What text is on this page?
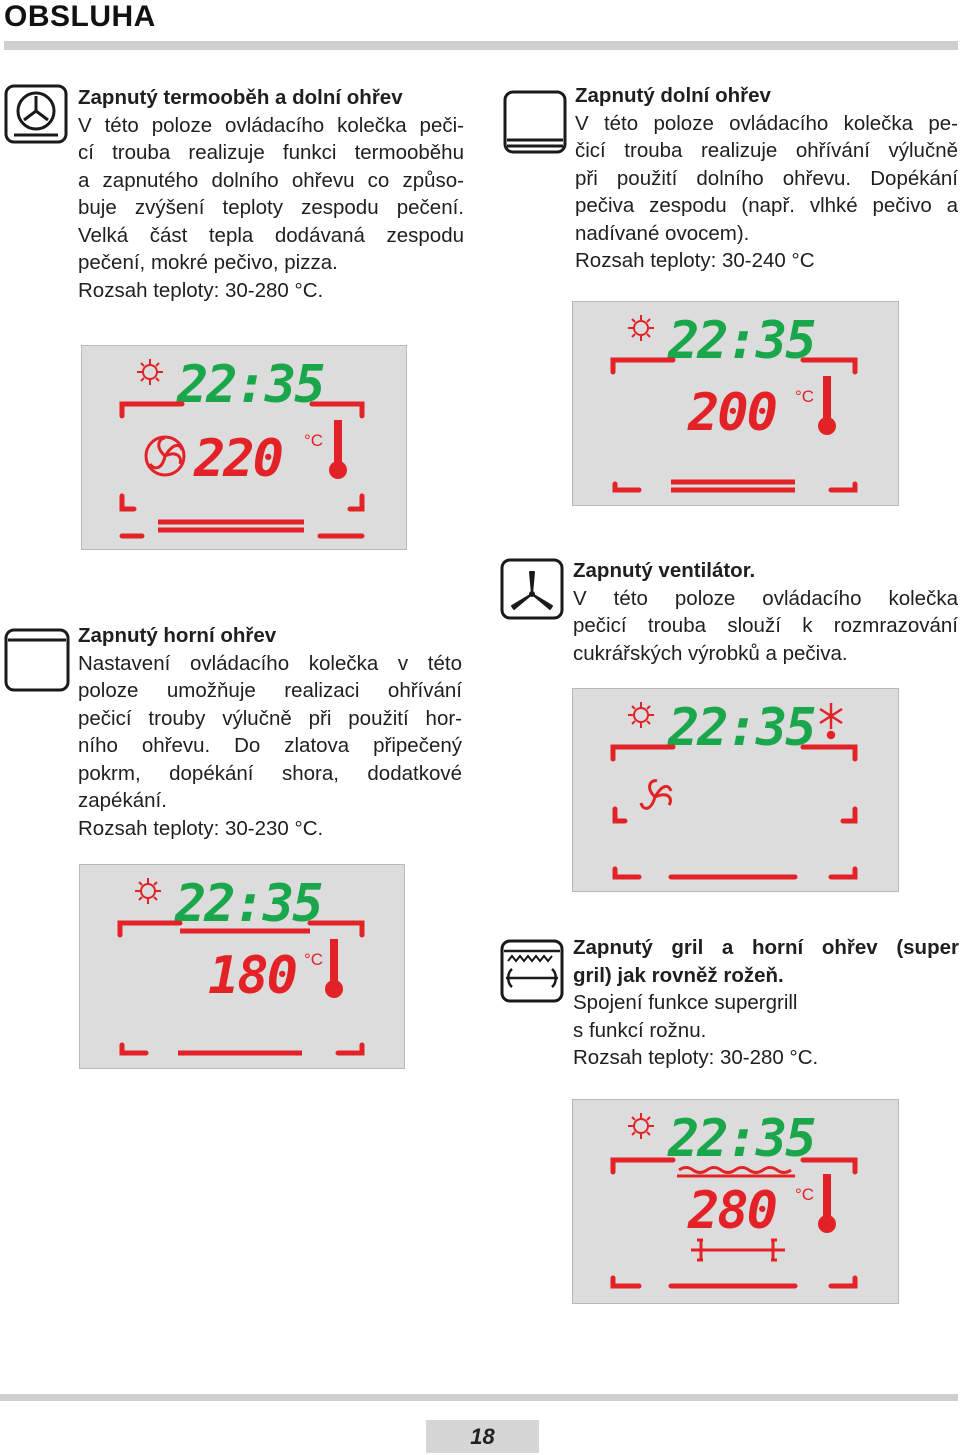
OBSLUHA
Zapnutý termooběh a dolní ohřev
V této poloze ovládacího kolečka peči-
cí trouba realizuje funkci termooběhu
a zapnutého dolního ohřevu co způso-
buje zvýšení teploty zespodu pečení.
Velká část tepla dodávaná zespodu
pečení, mokré pečivo, pizza.
Rozsah teploty: 30-280 °C.
22:35
220 °C
Zapnutý dolní ohřev
V této poloze ovládacího kolečka pe-
čicí trouba realizuje ohřívání výlučně
při použití dolního ohřevu. Dopékání
pečiva zespodu (např. vlhké pečivo a
nadívané ovocem).
Rozsah teploty: 30-240 °C
22:35
200 °C
Zapnutý horní ohřev
Nastavení ovládacího kolečka v této
poloze umožňuje realizaci ohřívání
pečicí trouby výlučně při použití hor-
ního ohřevu. Do zlatova připečený
pokrm, dopékání shora, dodatkové
zapékání.
Rozsah teploty: 30-230 °C.
22:35
180 °C
Zapnutý ventilátor.
V této poloze ovládacího kolečka
pečicí trouba slouží k rozmrazování
cukrářských výrobků a pečiva.
22:35
Zapnutý gril a horní ohřev (super
gril) jak rovněž rožeň.
Spojení funkce supergrill
s funkcí rožnu.
Rozsah teploty: 30-280 °C.
22:35
280 °C
18
